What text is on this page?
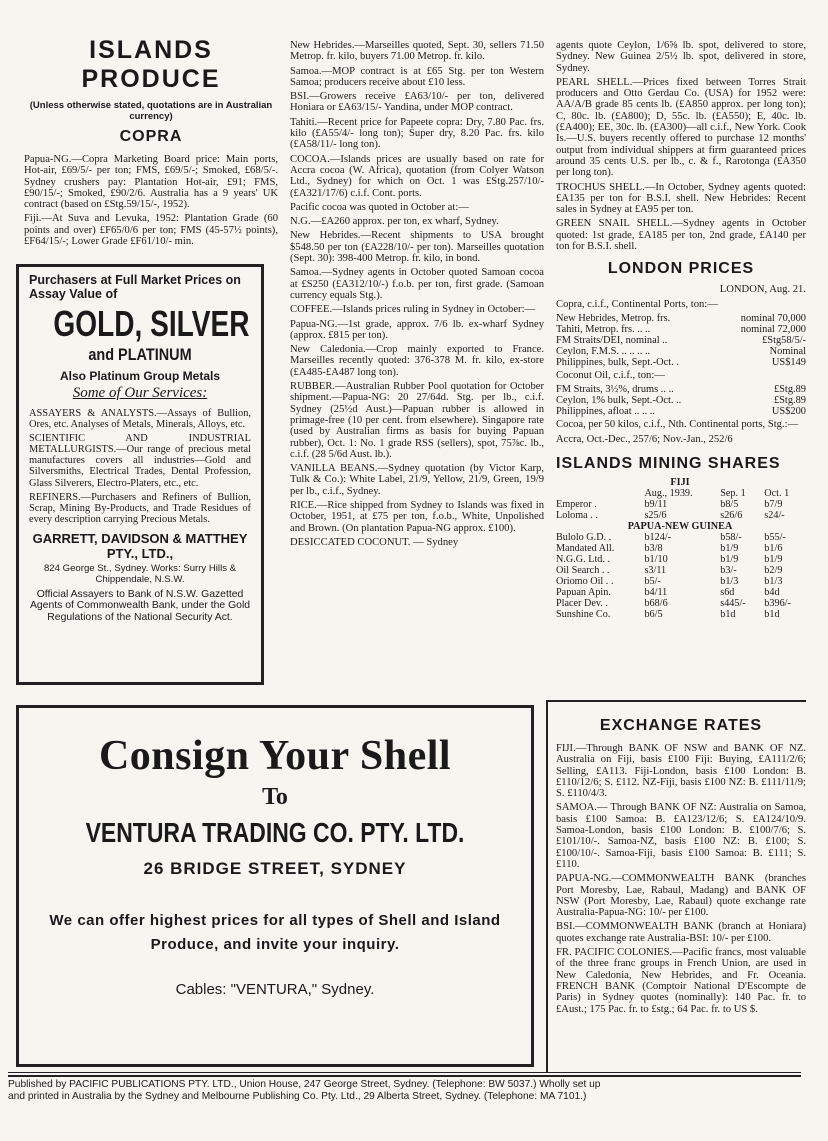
ISLANDS PRODUCE
(Unless otherwise stated, quotations are in Australian currency)
COPRA

Papua-NG.—Copra Marketing Board price: Main ports, Hot-air, £69/5/- per ton; FMS, £69/5/-; Smoked, £68/5/-. Sydney crushers pay: Plantation Hot-air, £91; FMS, £90/15/-; Smoked, £90/2/6. Australia has a 9 years' UK contract (based on £Stg.59/15/-, 1952).

Fiji.—At Suva and Levuka, 1952: Plantation Grade (60 points and over) £F65/0/6 per ton; FMS (45-57½ points), £F64/15/-; Lower Grade £F61/10/- min.

Purchasers at Full Market Prices on Assay Value of

GOLD, SILVER
and PLATINUM
Also Platinum Group Metals
Some of Our Services:

ASSAYERS & ANALYSTS.—Assays of Bullion, Ores, etc. Analyses of Metals, Minerals, Alloys, etc.

SCIENTIFIC AND INDUSTRIAL METALLURGISTS.—Our range of precious metal manufactures covers all industries—Gold and Silversmiths, Electrical Trades, Dental Profession, Glass Silverers, Electro-Platers, etc., etc.

REFINERS.—Purchasers and Refiners of Bullion, Scrap, Mining By-Products, and Trade Residues of every description carrying Precious Metals.

GARRETT, DAVIDSON & MATTHEY PTY., LTD.,
824 George St., Sydney. Works: Surry Hills & Chippendale, N.S.W.
Official Assayers to Bank of N.S.W. Gazetted Agents of Commonwealth Bank, under the Gold Regulations of the National Security Act.

New Hebrides.—Marseilles quoted, Sept. 30, sellers 71.50 Metrop. fr. kilo, buyers 71.00 Metrop. fr. kilo.

Samoa.—MOP contract is at £65 Stg. per ton Western Samoa; producers receive about £10 less.

BSI.—Growers receive £A63/10/- per ton, delivered Honiara or £A63/15/- Yandina, under MOP contract.

Tahiti.—Recent price for Papeete copra: Dry, 7.80 Pac. frs. kilo (£A55/4/- long ton); Super dry, 8.20 Pac. frs. kilo (£A58/11/- long ton).

COCOA.—Islands prices are usually based on rate for Accra cocoa (W. Africa), quotation (from Colyer Watson Ltd., Sydney) for which on Oct. 1 was £Stg.257/10/- (£A321/17/6) c.i.f. Cont. ports.

Pacific cocoa was quoted in October at:—

N.G.—£A260 approx. per ton, ex wharf, Sydney.

New Hebrides.—Recent shipments to USA brought $548.50 per ton (£A228/10/- per ton). Marseilles quotation (Sept. 30): 398-400 Metrop. fr. kilo, in bond.

Samoa.—Sydney agents in October quoted Samoan cocoa at £S250 (£A312/10/-) f.o.b. per ton, first grade. (Samoan currency equals Stg.).

COFFEE.—Islands prices ruling in Sydney in October:—

Papua-NG.—1st grade, approx. 7/6 lb. ex-wharf Sydney (approx. £815 per ton).

New Caledonia.—Crop mainly exported to France. Marseilles recently quoted: 376-378 M. fr. kilo, ex-store (£A485-£A487 long ton).

RUBBER.—Australian Rubber Pool quotation for October shipment.—Papua-NG: 20 27/64d. Stg. per lb., c.i.f. Sydney (25½d Aust.)—Papuan rubber is allowed in primage-free (10 per cent. from elsewhere). Singapore rate (used by Australian firms as basis for buying Papuan rubber), Oct. 1: No. 1 grade RSS (sellers), spot, 75⅞c. lb., c.i.f. (28 5/6d Aust. lb.).

VANILLA BEANS.—Sydney quotation (by Victor Karp, Tulk & Co.): White Label, 21/9, Yellow, 21/9, Green, 19/9 per lb., c.i.f., Sydney.

RICE.—Rice shipped from Sydney to Islands was fixed in October, 1951, at £75 per ton, f.o.b., White, Unpolished and Brown. (On plantation Papua-NG approx. £100).

DESICCATED COCONUT. — Sydney

agents quote Ceylon, 1/6⅝ lb. spot, delivered to store, Sydney. New Guinea 2/5½ lb. spot, delivered in store, Sydney.

PEARL SHELL.—Prices fixed between Torres Strait producers and Otto Gerdau Co. (USA) for 1952 were: AA/A/B grade 85 cents lb. (£A850 approx. per long ton); C, 80c. lb. (£A800); D, 55c. lb. (£A550); E, 40c. lb. (£A400); EE, 30c. lb. (£A300)—all c.i.f., New York. Cook Is.—U.S. buyers recently offered to purchase 12 months' output from individual shippers at firm guaranteed prices around 35 cents U.S. per lb., c. & f., Rarotonga (£A350 per long ton).

TROCHUS SHELL.—In October, Sydney agents quoted: £A135 per ton for B.S.I. shell. New Hebrides: Recent sales in Sydney at £A95 per ton.

GREEN SNAIL SHELL.—Sydney agents in October quoted: 1st grade, £A185 per ton, 2nd grade, £A140 per ton for B.S.I. shell.

LONDON PRICES

LONDON, Aug. 21.

Copra, c.i.f., Continental Ports, ton:—

New Hebrides, Metrop. frs.	nominal 70,000
Tahiti, Metrop. frs. .. ..	nominal 72,000
FM Straits/DEI, nominal ..	£Stg58/5/-
Ceylon, F.M.S. .. .. .. ..	Nominal
Philippines, bulk, Sept.-Oct. .	US$149

Coconut Oil, c.i.f., ton:—

FM Straits, 3½%, drums .. ..	£Stg.89
Ceylon, 1% bulk, Sept.-Oct. ..	£Stg.89
Philippines, afloat .. .. ..	US$200

Cocoa, per 50 kilos, c.i.f., Nth. Continental ports, Stg.:—

Accra, Oct.-Dec., 257/6; Nov.-Jan., 252/6

ISLANDS MINING SHARES
FIJI			
	Aug., 1939.	Sep. 1	Oct. 1
Emperor .	b9/11	b8/5	b7/9
Loloma . .	s25/6	s26/6	s24/-
PAPUA-NEW GUINEA			
Bulolo G.D. .	b124/-	b58/-	b55/-
Mandated All.	b3/8	b1/9	b1/6
N.G.G. Ltd. .	b1/10	b1/9	b1/9
Oil Search . .	s3/11	b3/-	b2/9
Oriomo Oil . .	b5/-	b1/3	b1/3
Papuan Apin.	b4/11	s6d	b4d
Placer Dev. .	b68/6	s445/-	b396/-
Sunshine Co.	b6/5	b1d	b1d
EXCHANGE RATES

FIJI.—Through BANK OF NSW and BANK OF NZ. Australia on Fiji, basis £100 Fiji: Buying, £A111/2/6; Selling, £A113. Fiji-London, basis £100 London: B. £110/12/6; S. £112. NZ-Fiji, basis £100 NZ: B. £111/11/9; S. £110/4/3.

SAMOA.— Through BANK OF NZ: Australia on Samoa, basis £100 Samoa: B. £A123/12/6; S. £A124/10/9. Samoa-London, basis £100 London: B. £100/7/6; S. £101/10/-. Samoa-NZ, basis £100 NZ: B. £100; S. £100/10/-. Samoa-Fiji, basis £100 Samoa: B. £111; S. £110.

PAPUA-NG.—COMMONWEALTH BANK (branches Port Moresby, Lae, Rabaul, Madang) and BANK OF NSW (Port Moresby, Lae, Rabaul) quote exchange rate Australia-Papua-NG: 10/- per £100.

BSI.—COMMONWEALTH BANK (branch at Honiara) quotes exchange rate Australia-BSI: 10/- per £100.

FR. PACIFIC COLONIES.—Pacific francs, most valuable of the three franc groups in French Union, are used in New Caledonia, New Hebrides, and Fr. Oceania. FRENCH BANK (Comptoir National D'Escompte de Paris) in Sydney quotes (nominally): 140 Pac. fr. to £Aust.; 175 Pac. fr. to £stg.; 64 Pac. fr. to US $.

Consign Your Shell
To
VENTURA TRADING CO. PTY. LTD.
26 BRIDGE STREET, SYDNEY
We can offer highest prices for all types of Shell and Island Produce, and invite your inquiry.
Cables: "VENTURA," Sydney.
Published by PACIFIC PUBLICATIONS PTY. LTD., Union House, 247 George Street, Sydney. (Telephone: BW 5037.) Wholly set up
and printed in Australia by the Sydney and Melbourne Publishing Co. Pty. Ltd., 29 Alberta Street, Sydney. (Telephone: MA 7101.)
